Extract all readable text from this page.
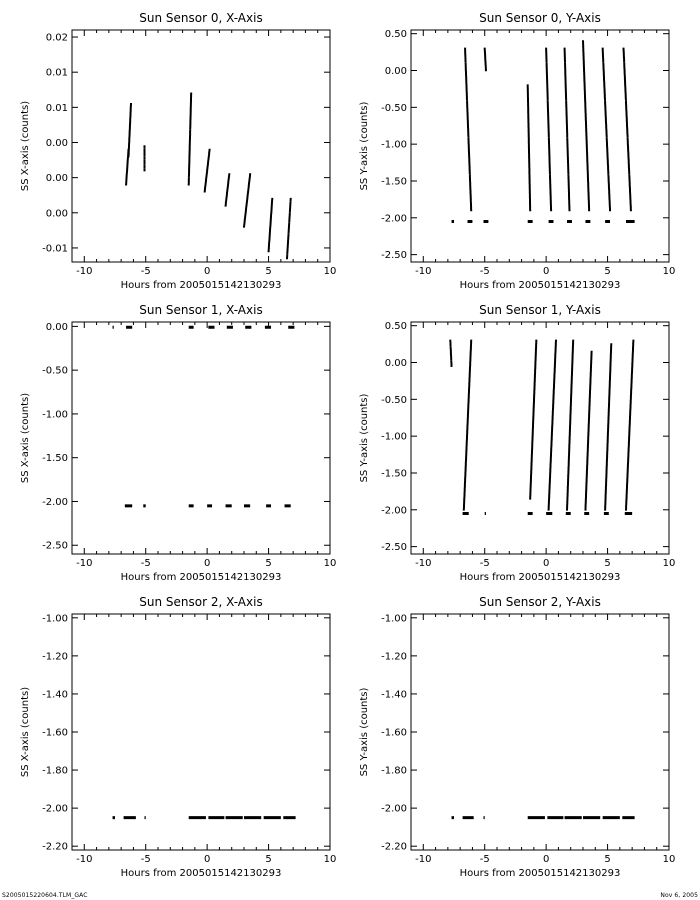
Sun Sensor 0, X-Axis
-10	-5	0	5	10
0.02
0.01
0.01
0.00
0.00
0.00
-0.01
Hours from 2005015142130293
SS X-axis (counts)
Sun Sensor 0, Y-Axis
-10	-5	0	5	10
0.50
0.00
-0.50
-1.00
-1.50
-2.00
-2.50
Hours from 2005015142130293
SS Y-axis (counts)
Sun Sensor 1, X-Axis
-10	-5	0	5	10
0.00
-0.50
-1.00
-1.50
-2.00
-2.50
Hours from 2005015142130293
SS X-axis (counts)
Sun Sensor 1, Y-Axis
-10	-5	0	5	10
0.50
0.00
-0.50
-1.00
-1.50
-2.00
-2.50
Hours from 2005015142130293
SS Y-axis (counts)
Sun Sensor 2, X-Axis
-10	-5	0	5	10
-1.00
-1.20
-1.40
-1.60
-1.80
-2.00
-2.20
Hours from 2005015142130293
SS X-axis (counts)
Sun Sensor 2, Y-Axis
-10	-5	0	5	10
-1.00
-1.20
-1.40
-1.60
-1.80
-2.00
-2.20
Hours from 2005015142130293
SS Y-axis (counts)
S2005015220604.TLM_GAC	Nov 6, 2005
